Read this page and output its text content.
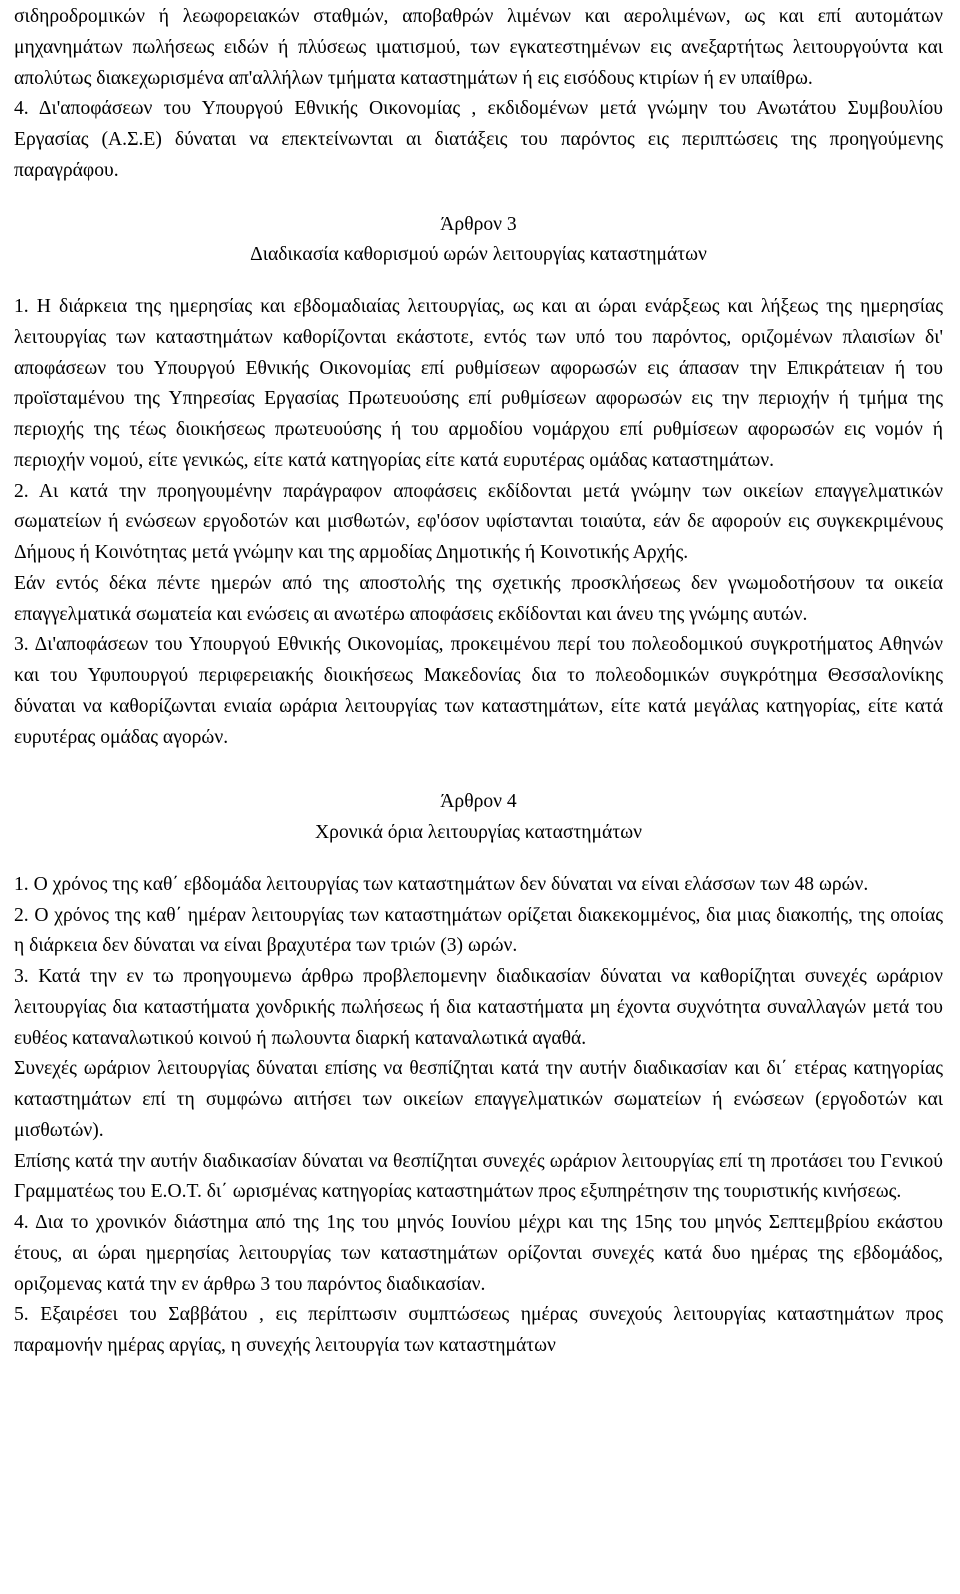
σιδηροδρομικών ή λεωφορειακών σταθμών, αποβαθρών λιμένων και αερολιμένων, ως και επί αυτομάτων μηχανημάτων πωλήσεως ειδών ή πλύσεως ιματισμού, των εγκατεστημένων εις ανεξαρτήτως λειτουργούντα και απολύτως διακεχωρισμένα απ'αλλήλων τμήματα καταστημάτων ή εις εισόδους κτιρίων ή εν υπαίθρω.

4. Δι'αποφάσεων του Υπουργού Εθνικής Οικονομίας , εκδιδομένων μετά γνώμην του Ανωτάτου Συμβουλίου Εργασίας (Α.Σ.Ε) δύναται να επεκτείνωνται αι διατάξεις του παρόντος εις περιπτώσεις της προηγούμενης παραγράφου.

Άρθρον 3
Διαδικασία καθορισμού ωρών λειτουργίας καταστημάτων

1. Η διάρκεια της ημερησίας και εβδομαδιαίας λειτουργίας, ως και αι ώραι ενάρξεως και λήξεως της ημερησίας λειτουργίας των καταστημάτων καθορίζονται εκάστοτε, εντός των υπό του παρόντος, οριζομένων πλαισίων δι' αποφάσεων του Υπουργού Εθνικής Οικονομίας επί ρυθμίσεων αφορωσών εις άπασαν την Επικράτειαν ή του προϊσταμένου της Υπηρεσίας Εργασίας Πρωτευούσης επί ρυθμίσεων αφορωσών εις την περιοχήν ή τμήμα της περιοχής της τέως διοικήσεως πρωτευούσης ή του αρμοδίου νομάρχου επί ρυθμίσεων αφορωσών εις νομόν ή περιοχήν νομού, είτε γενικώς, είτε κατά κατηγορίας είτε κατά ευρυτέρας ομάδας καταστημάτων.

2. Αι κατά την προηγουμένην παράγραφον αποφάσεις εκδίδονται μετά γνώμην των οικείων επαγγελματικών σωματείων ή ενώσεων εργοδοτών και μισθωτών, εφ'όσον υφίστανται τοιαύτα, εάν δε αφορούν εις συγκεκριμένους Δήμους ή Κοινότητας μετά γνώμην και της αρμοδίας Δημοτικής ή Κοινοτικής Αρχής.

Εάν εντός δέκα πέντε ημερών από της αποστολής της σχετικής προσκλήσεως δεν γνωμοδοτήσουν τα οικεία επαγγελματικά σωματεία και ενώσεις αι ανωτέρω αποφάσεις εκδίδονται και άνευ της γνώμης αυτών.

3. Δι'αποφάσεων του Υπουργού Εθνικής Οικονομίας, προκειμένου περί του πολεοδομικού συγκροτήματος Αθηνών και του Υφυπουργού περιφερειακής διοικήσεως Μακεδονίας δια το πολεοδομικών συγκρότημα Θεσσαλονίκης δύναται να καθορίζωνται ενιαία ωράρια λειτουργίας των καταστημάτων, είτε κατά μεγάλας κατηγορίας, είτε κατά ευρυτέρας ομάδας αγορών.

Άρθρον 4
Χρονικά όρια λειτουργίας καταστημάτων

1. Ο χρόνος της καθ΄ εβδομάδα λειτουργίας των καταστημάτων δεν δύναται να είναι ελάσσων των 48 ωρών.

2. Ο χρόνος της καθ΄ ημέραν λειτουργίας των καταστημάτων ορίζεται διακεκομμένος, δια μιας διακοπής, της οποίας η διάρκεια δεν δύναται να είναι βραχυτέρα των τριών (3) ωρών.

3. Κατά την εν τω προηγουμενω άρθρω προβλεπομενην διαδικασίαν δύναται να καθορίζηται συνεχές ωράριον λειτουργίας δια καταστήματα χονδρικής πωλήσεως ή δια καταστήματα μη έχοντα συχνότητα συναλλαγών μετά του ευθέος καταναλωτικού κοινού ή πωλουντα διαρκή καταναλωτικά αγαθά.

Συνεχές ωράριον λειτουργίας δύναται επίσης να θεσπίζηται κατά την αυτήν διαδικασίαν και δι΄ ετέρας κατηγορίας καταστημάτων επί τη συμφώνω αιτήσει των οικείων επαγγελματικών σωματείων ή ενώσεων (εργοδοτών και μισθωτών).

Επίσης κατά την αυτήν διαδικασίαν δύναται να θεσπίζηται συνεχές ωράριον λειτουργίας επί τη προτάσει του Γενικού Γραμματέως του Ε.Ο.Τ. δι΄ ωρισμένας κατηγορίας καταστημάτων προς εξυπηρέτησιν της τουριστικής κινήσεως.

4. Δια το χρονικόν διάστημα από της 1ης του μηνός Ιουνίου μέχρι και της 15ης του μηνός Σεπτεμβρίου εκάστου έτους, αι ώραι ημερησίας λειτουργίας των καταστημάτων ορίζονται συνεχές κατά δυο ημέρας της εβδομάδος, οριζομενας κατά την εν άρθρω 3 του παρόντος διαδικασίαν.

5. Εξαιρέσει του Σαββάτου , εις περίπτωσιν συμπτώσεως ημέρας συνεχούς λειτουργίας καταστημάτων προς παραμονήν ημέρας αργίας, η συνεχής λειτουργία των καταστημάτων
